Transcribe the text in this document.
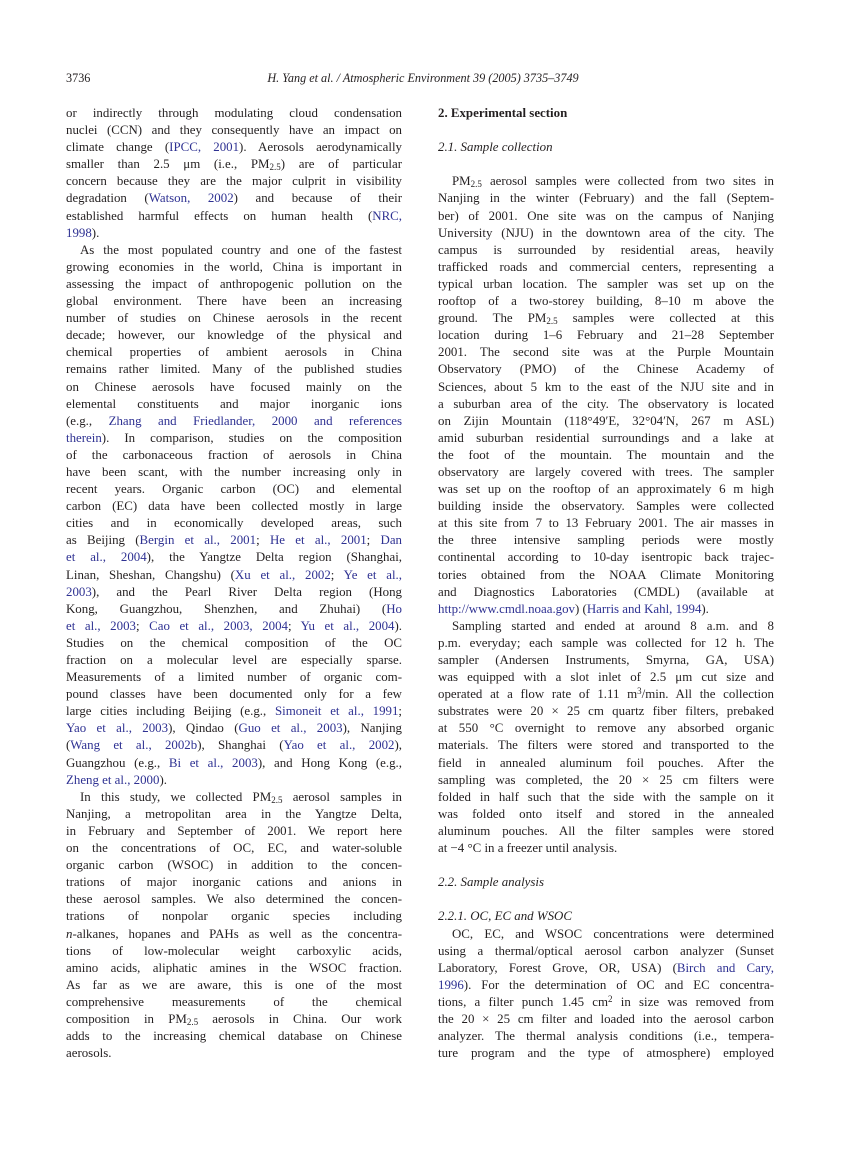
3736	H. Yang et al. / Atmospheric Environment 39 (2005) 3735–3749
or indirectly through modulating cloud condensation
nuclei (CCN) and they consequently have an impact on
climate change (IPCC, 2001). Aerosols aerodynamically
smaller than 2.5 μm (i.e., $PM_{2.5}$) are of particular
concern because they are the major culprit in visibility
degradation (Watson, 2002) and because of their
established harmful effects on human health (NRC,
1998).
As the most populated country and one of the fastest
growing economies in the world, China is important in
assessing the impact of anthropogenic pollution on the
global environment. There have been an increasing
number of studies on Chinese aerosols in the recent
decade; however, our knowledge of the physical and
chemical properties of ambient aerosols in China
remains rather limited. Many of the published studies
on Chinese aerosols have focused mainly on the
elemental constituents and major inorganic ions
(e.g., Zhang and Friedlander, 2000 and references
therein). In comparison, studies on the composition
of the carbonaceous fraction of aerosols in China
have been scant, with the number increasing only in
recent years. Organic carbon (OC) and elemental
carbon (EC) data have been collected mostly in large
cities and in economically developed areas, such
as Beijing (Bergin et al., 2001; He et al., 2001; Dan
et al., 2004), the Yangtze Delta region (Shanghai,
Linan, Sheshan, Changshu) (Xu et al., 2002; Ye et al.,
2003), and the Pearl River Delta region (Hong
Kong, Guangzhou, Shenzhen, and Zhuhai) (Ho
et al., 2003; Cao et al., 2003, 2004; Yu et al., 2004).
Studies on the chemical composition of the OC
fraction on a molecular level are especially sparse.
Measurements of a limited number of organic com-
pound classes have been documented only for a few
large cities including Beijing (e.g., Simoneit et al., 1991;
Yao et al., 2003), Qindao (Guo et al., 2003), Nanjing
(Wang et al., 2002b), Shanghai (Yao et al., 2002),
Guangzhou (e.g., Bi et al., 2003), and Hong Kong (e.g.,
Zheng et al., 2000).
In this study, we collected $PM_{2.5}$ aerosol samples in
Nanjing, a metropolitan area in the Yangtze Delta,
in February and September of 2001. We report here
on the concentrations of OC, EC, and water-soluble
organic carbon (WSOC) in addition to the concen-
trations of major inorganic cations and anions in
these aerosol samples. We also determined the concen-
trations of nonpolar organic species including
n-alkanes, hopanes and PAHs as well as the concentra-
tions of low-molecular weight carboxylic acids,
amino acids, aliphatic amines in the WSOC fraction.
As far as we are aware, this is one of the most
comprehensive measurements of the chemical
composition in $PM_{2.5}$ aerosols in China. Our work
adds to the increasing chemical database on Chinese
aerosols.
2. Experimental section
2.1. Sample collection
$PM_{2.5}$ aerosol samples were collected from two sites in
Nanjing in the winter (February) and the fall (Septem-
ber) of 2001. One site was on the campus of Nanjing
University (NJU) in the downtown area of the city. The
campus is surrounded by residential areas, heavily
trafficked roads and commercial centers, representing a
typical urban location. The sampler was set up on the
rooftop of a two-storey building, 8–10 m above the
ground. The $PM_{2.5}$ samples were collected at this
location during 1–6 February and 21–28 September
2001. The second site was at the Purple Mountain
Observatory (PMO) of the Chinese Academy of
Sciences, about 5 km to the east of the NJU site and in
a suburban area of the city. The observatory is located
on Zijin Mountain (118°49′E, 32°04′N, 267 m ASL)
amid suburban residential surroundings and a lake at
the foot of the mountain. The mountain and the
observatory are largely covered with trees. The sampler
was set up on the rooftop of an approximately 6 m high
building inside the observatory. Samples were collected
at this site from 7 to 13 February 2001. The air masses in
the three intensive sampling periods were mostly
continental according to 10-day isentropic back trajec-
tories obtained from the NOAA Climate Monitoring
and Diagnostics Laboratories (CMDL) (available at
http://www.cmdl.noaa.gov) (Harris and Kahl, 1994).
Sampling started and ended at around 8 a.m. and 8
p.m. everyday; each sample was collected for 12 h. The
sampler (Andersen Instruments, Smyrna, GA, USA)
was equipped with a slot inlet of 2.5 μm cut size and
operated at a flow rate of 1.11 $m^3/\min$. All the collection
substrates were 20 × 25 cm quartz fiber filters, prebaked
at 550 °C overnight to remove any absorbed organic
materials. The filters were stored and transported to the
field in annealed aluminum foil pouches. After the
sampling was completed, the 20 × 25 cm filters were
folded in half such that the side with the sample on it
was folded onto itself and stored in the annealed
aluminum pouches. All the filter samples were stored
at −4 °C in a freezer until analysis.
2.2. Sample analysis
2.2.1. OC, EC and WSOC
OC, EC, and WSOC concentrations were determined
using a thermal/optical aerosol carbon analyzer (Sunset
Laboratory, Forest Grove, OR, USA) (Birch and Cary,
1996). For the determination of OC and EC concentra-
tions, a filter punch 1.45 $cm^2$ in size was removed from
the 20 × 25 cm filter and loaded into the aerosol carbon
analyzer. The thermal analysis conditions (i.e., tempera-
ture program and the type of atmosphere) employed
